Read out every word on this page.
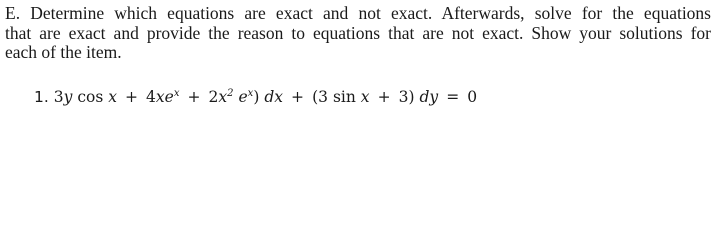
E. Determine which equations are exact and not exact. Afterwards, solve for the equations
that are exact and provide the reason to equations that are not exact. Show your solutions for
each of the item.

1. 3y $\cos x + 4xe^x + 2x^2$ $e^x$) dx  +  (3 sin x  +  3) dy  =  0
